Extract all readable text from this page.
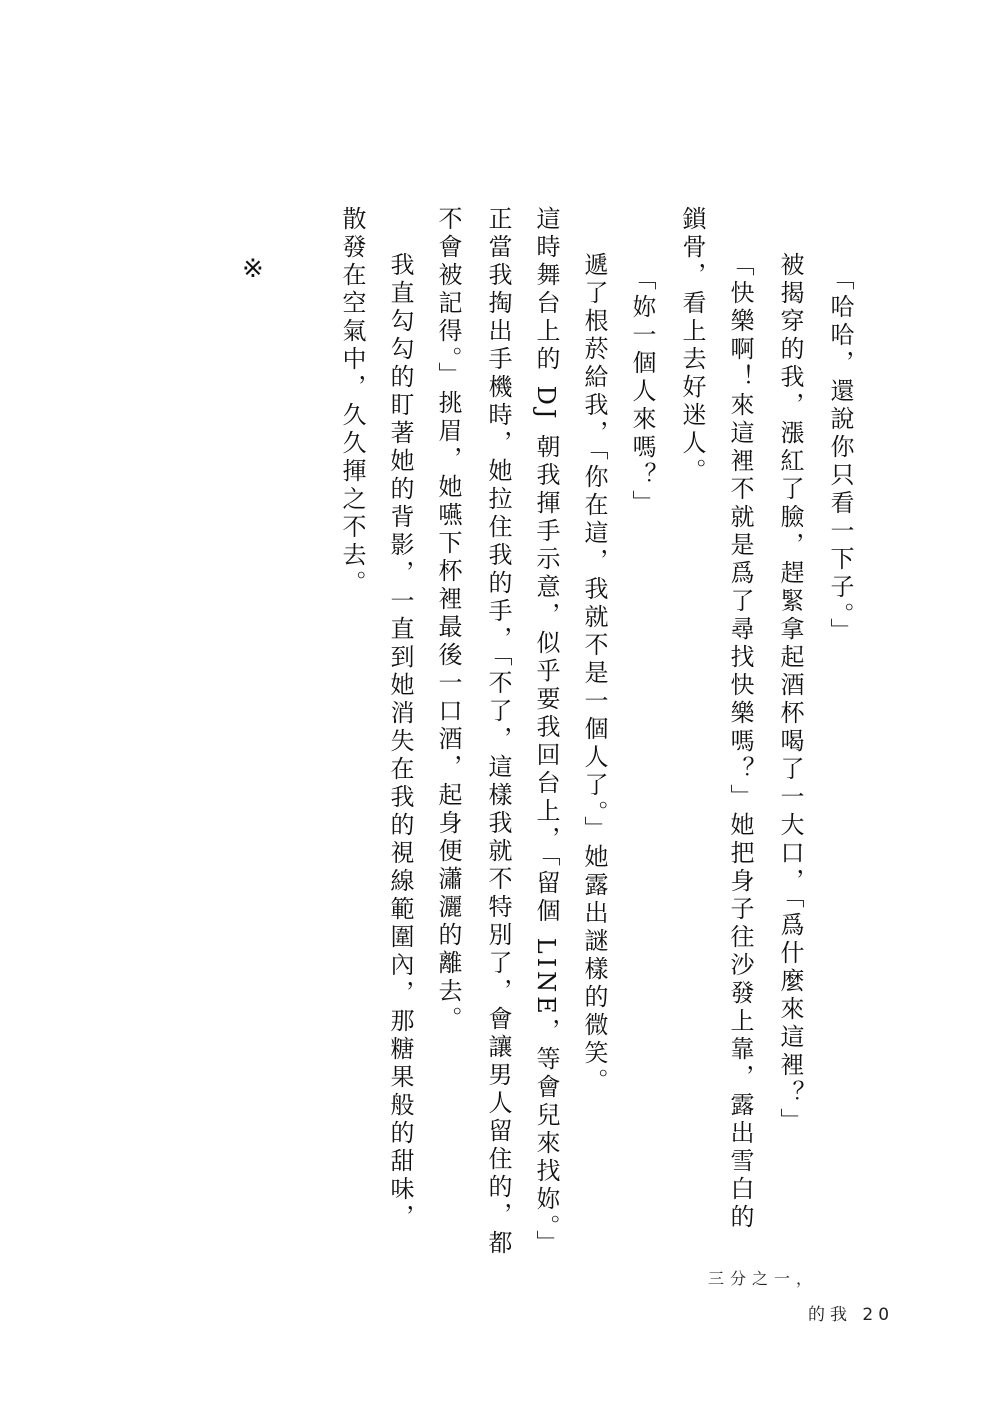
「哈哈，還說你只看一下子。」

被揭穿的我，漲紅了臉，趕緊拿起酒杯喝了一大口，「爲什麼來這裡？」

「快樂啊！來這裡不就是爲了尋找快樂嗎？」她把身子往沙發上靠，露出雪白的

鎖骨，看上去好迷人。

「妳一個人來嗎？」

遞了根菸給我，「你在這，我就不是一個人了。」她露出謎樣的微笑。

這時舞台上的 DJ 朝我揮手示意，似乎要我回台上，「留個 LINE，等會兒來找妳。」

正當我掏出手機時，她拉住我的手，「不了，這樣我就不特別了，會讓男人留住的，都

不會被記得。」挑眉，她嚥下杯裡最後一口酒，起身便瀟灑的離去。

我直勾勾的盯著她的背影，一直到她消失在我的視線範圍內，那糖果般的甜味，

散發在空氣中，久久揮之不去。

※
三分之一，
的我 20
